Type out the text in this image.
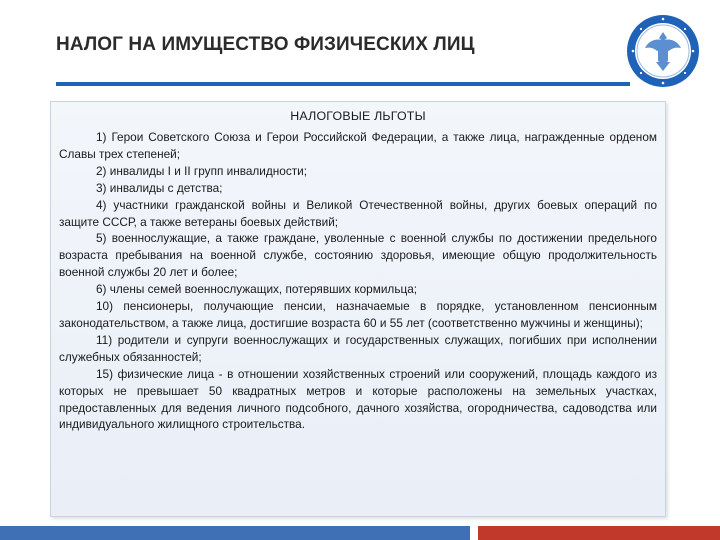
НАЛОГ НА ИМУЩЕСТВО ФИЗИЧЕСКИХ ЛИЦ
НАЛОГОВЫЕ ЛЬГОТЫ

1) Герои Советского Союза и Герои Российской Федерации, а также лица, награжденные орденом Славы трех степеней;

2) инвалиды I и II групп инвалидности;

3) инвалиды с детства;

4) участники гражданской войны и Великой Отечественной войны, других боевых операций по защите СССР, а также ветераны боевых действий;

5) военнослужащие, а также граждане, уволенные с военной службы по достижении предельного возраста пребывания на военной службе, состоянию здоровья, имеющие общую продолжительность военной службы 20 лет и более;

6) члены семей военнослужащих, потерявших кормильца;

10) пенсионеры, получающие пенсии, назначаемые в порядке, установленном пенсионным законодательством, а также лица, достигшие возраста 60 и 55 лет (соответственно мужчины и женщины);

11) родители и супруги военнослужащих и государственных служащих, погибших при исполнении служебных обязанностей;

15) физические лица - в отношении хозяйственных строений или сооружений, площадь каждого из которых не превышает 50 квадратных метров и которые расположены на земельных участках, предоставленных для ведения личного подсобного, дачного хозяйства, огородничества, садоводства или индивидуального жилищного строительства.
